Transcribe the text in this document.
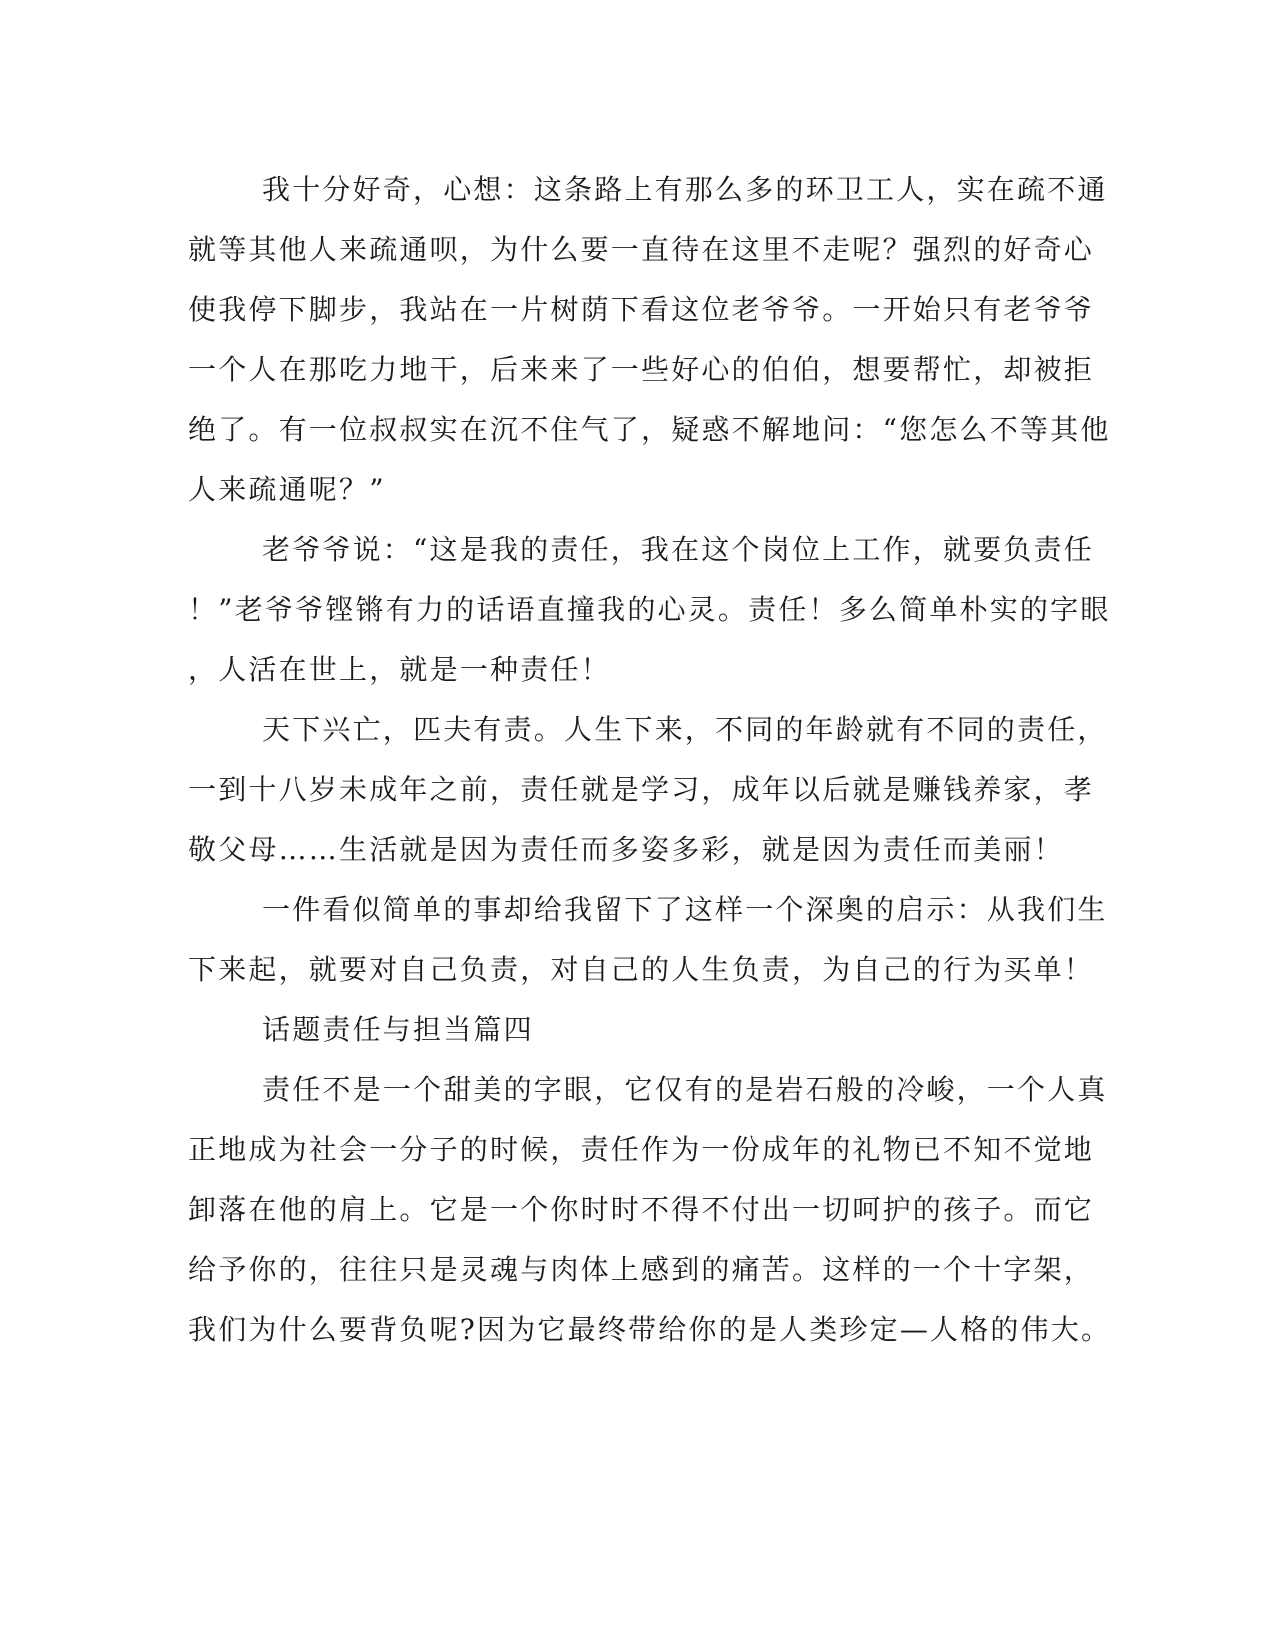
我十分好奇，心想：这条路上有那么多的环卫工人，实在疏不通
就等其他人来疏通呗，为什么要一直待在这里不走呢？强烈的好奇心
使我停下脚步，我站在一片树荫下看这位老爷爷。一开始只有老爷爷
一个人在那吃力地干，后来来了一些好心的伯伯，想要帮忙，却被拒
绝了。有一位叔叔实在沉不住气了，疑惑不解地问：“您怎么不等其他
人来疏通呢？”
老爷爷说：“这是我的责任，我在这个岗位上工作，就要负责任
！”老爷爷铿锵有力的话语直撞我的心灵。责任！多么简单朴实的字眼
，人活在世上，就是一种责任！
天下兴亡，匹夫有责。人生下来，不同的年龄就有不同的责任，
一到十八岁未成年之前，责任就是学习，成年以后就是赚钱养家，孝
敬父母……生活就是因为责任而多姿多彩，就是因为责任而美丽！
一件看似简单的事却给我留下了这样一个深奥的启示：从我们生
下来起，就要对自己负责，对自己的人生负责，为自己的行为买单！
话题责任与担当篇四
责任不是一个甜美的字眼，它仅有的是岩石般的冷峻，一个人真
正地成为社会一分子的时候，责任作为一份成年的礼物已不知不觉地
卸落在他的肩上。它是一个你时时不得不付出一切呵护的孩子。而它
给予你的，往往只是灵魂与肉体上感到的痛苦。这样的一个十字架，
我们为什么要背负呢?因为它最终带给你的是人类珍定—人格的伟大。
